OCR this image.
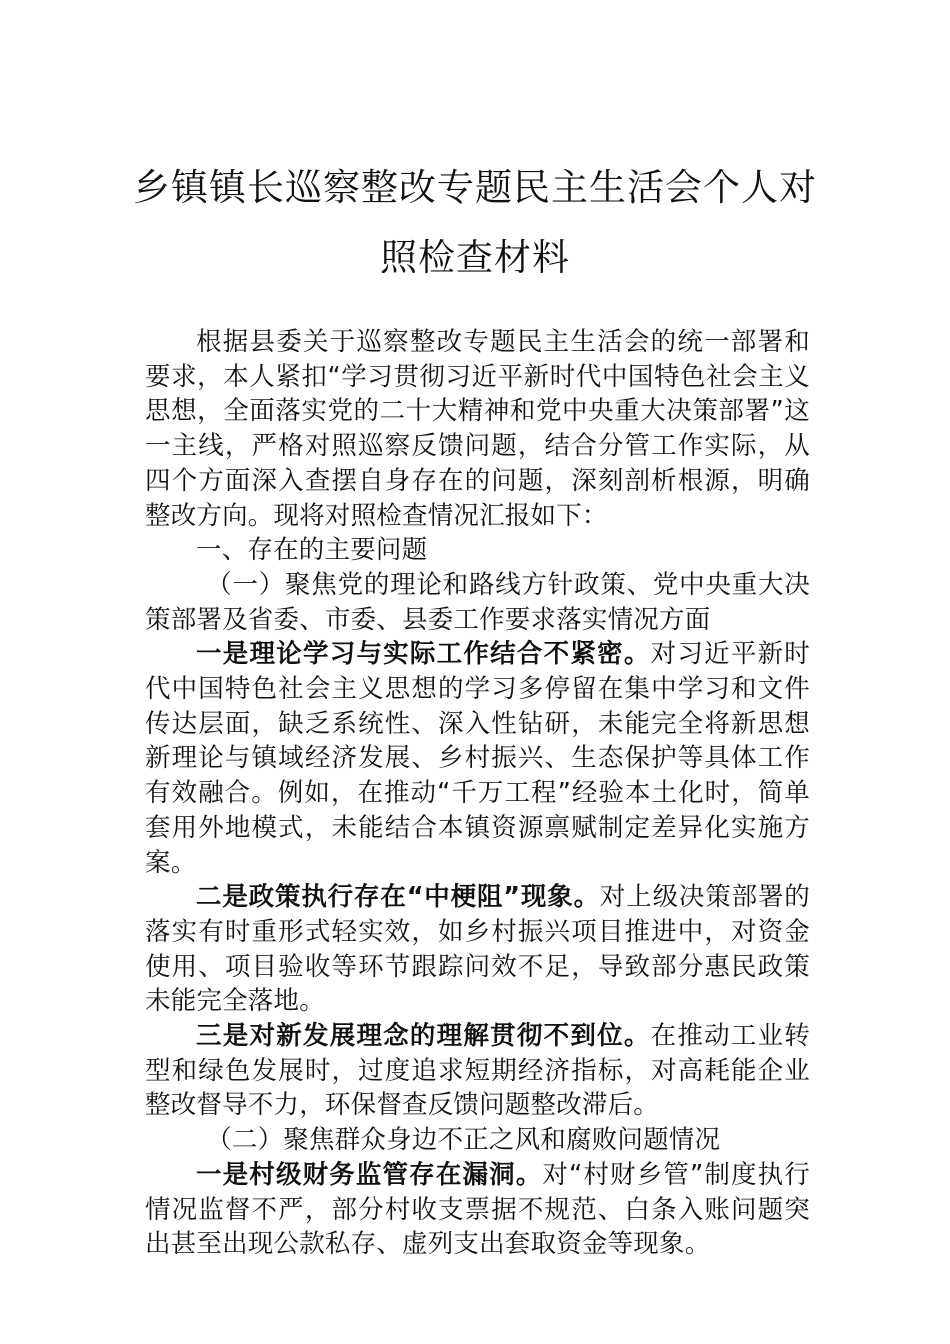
乡镇镇长巡察整改专题民主生活会个人对
照检查材料

根据县委关于巡察整改专题民主生活会的统一部署和要求，本人紧扣“学习贯彻习近平新时代中国特色社会主义思想，全面落实党的二十大精神和党中央重大决策部署”这一主线，严格对照巡察反馈问题，结合分管工作实际，从四个方面深入查摆自身存在的问题，深刻剖析根源，明确整改方向。现将对照检查情况汇报如下：

一、存在的主要问题

（一）聚焦党的理论和路线方针政策、党中央重大决策部署及省委、市委、县委工作要求落实情况方面

一是理论学习与实际工作结合不紧密。对习近平新时代中国特色社会主义思想的学习多停留在集中学习和文件传达层面，缺乏系统性、深入性钻研，未能完全将新思想新理论与镇域经济发展、乡村振兴、生态保护等具体工作有效融合。例如，在推动“千万工程”经验本土化时，简单套用外地模式，未能结合本镇资源禀赋制定差异化实施方案。

二是政策执行存在“中梗阻”现象。对上级决策部署的落实有时重形式轻实效，如乡村振兴项目推进中，对资金使用、项目验收等环节跟踪问效不足，导致部分惠民政策未能完全落地。

三是对新发展理念的理解贯彻不到位。在推动工业转型和绿色发展时，过度追求短期经济指标，对高耗能企业整改督导不力，环保督查反馈问题整改滞后。

（二）聚焦群众身边不正之风和腐败问题情况

一是村级财务监管存在漏洞。对“村财乡管”制度执行情况监督不严，部分村收支票据不规范、白条入账问题突出甚至出现公款私存、虚列支出套取资金等现象。
